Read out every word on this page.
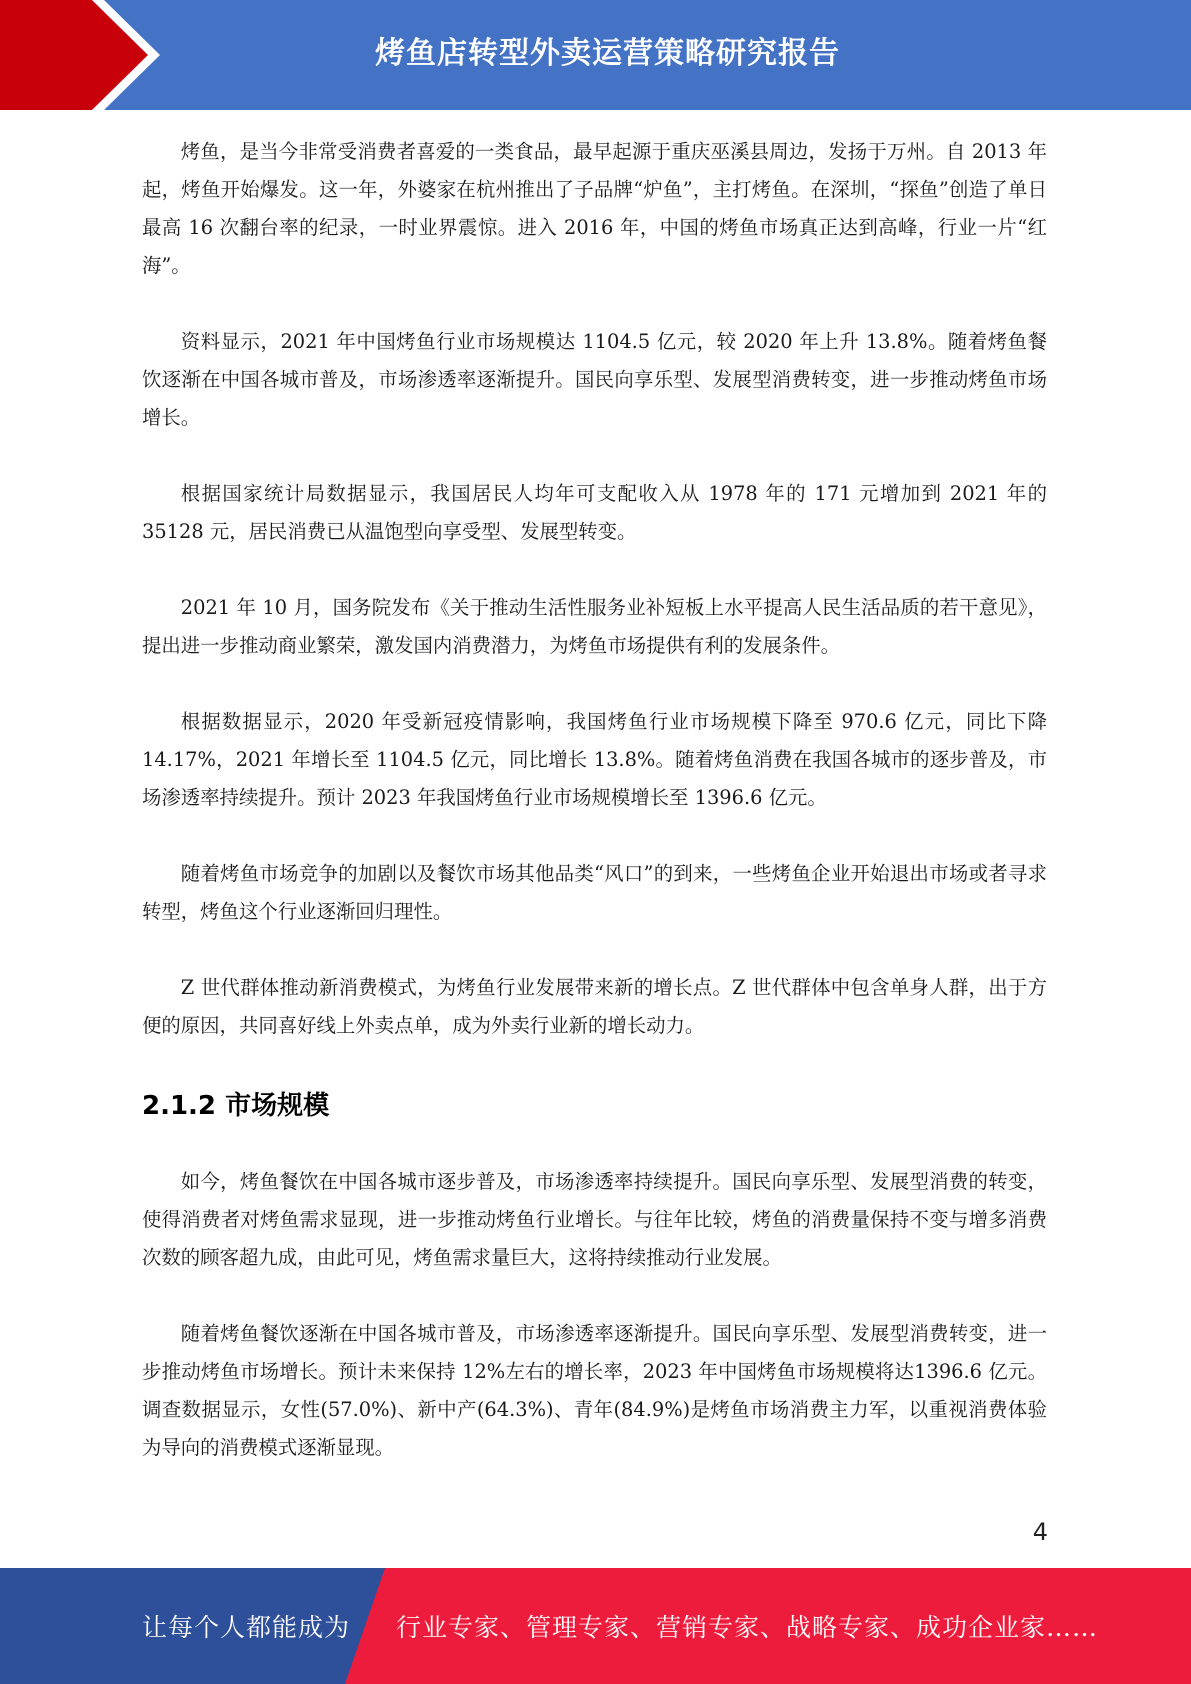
烤鱼店转型外卖运营策略研究报告

烤鱼，是当今非常受消费者喜爱的一类食品，最早起源于重庆巫溪县周边，发扬于万州。自 2013 年起，烤鱼开始爆发。这一年，外婆家在杭州推出了子品牌“炉鱼”，主打烤鱼。在深圳，“探鱼”创造了单日最高 16 次翻台率的纪录，一时业界震惊。进入 2016 年，中国的烤鱼市场真正达到高峰，行业一片“红海”。

资料显示，2021 年中国烤鱼行业市场规模达 1104.5 亿元，较 2020 年上升 13.8%。随着烤鱼餐饮逐渐在中国各城市普及，市场渗透率逐渐提升。国民向享乐型、发展型消费转变，进一步推动烤鱼市场增长。

根据国家统计局数据显示，我国居民人均年可支配收入从 1978 年的 171 元增加到 2021 年的 35128 元，居民消费已从温饱型向享受型、发展型转变。

2021 年 10 月，国务院发布《关于推动生活性服务业补短板上水平提高人民生活品质的若干意见》，提出进一步推动商业繁荣，激发国内消费潜力，为烤鱼市场提供有利的发展条件。

根据数据显示，2020 年受新冠疫情影响，我国烤鱼行业市场规模下降至 970.6 亿元，同比下降 14.17%，2021 年增长至 1104.5 亿元，同比增长 13.8%。随着烤鱼消费在我国各城市的逐步普及，市场渗透率持续提升。预计 2023 年我国烤鱼行业市场规模增长至 1396.6 亿元。

随着烤鱼市场竞争的加剧以及餐饮市场其他品类“风口”的到来，一些烤鱼企业开始退出市场或者寻求转型，烤鱼这个行业逐渐回归理性。

Z 世代群体推动新消费模式，为烤鱼行业发展带来新的增长点。Z 世代群体中包含单身人群，出于方便的原因，共同喜好线上外卖点单，成为外卖行业新的增长动力。

2.1.2 市场规模

如今，烤鱼餐饮在中国各城市逐步普及，市场渗透率持续提升。国民向享乐型、发展型消费的转变，使得消费者对烤鱼需求显现，进一步推动烤鱼行业增长。与往年比较，烤鱼的消费量保持不变与增多消费次数的顾客超九成，由此可见，烤鱼需求量巨大，这将持续推动行业发展。

随着烤鱼餐饮逐渐在中国各城市普及，市场渗透率逐渐提升。国民向享乐型、发展型消费转变，进一步推动烤鱼市场增长。预计未来保持 12%左右的增长率，2023 年中国烤鱼市场规模将达1396.6 亿元。调查数据显示，女性(57.0%)、新中产(64.3%)、青年(84.9%)是烤鱼市场消费主力军，以重视消费体验为导向的消费模式逐渐显现。

4
让每个人都能成为 行业专家、管理专家、营销专家、战略专家、成功企业家……
